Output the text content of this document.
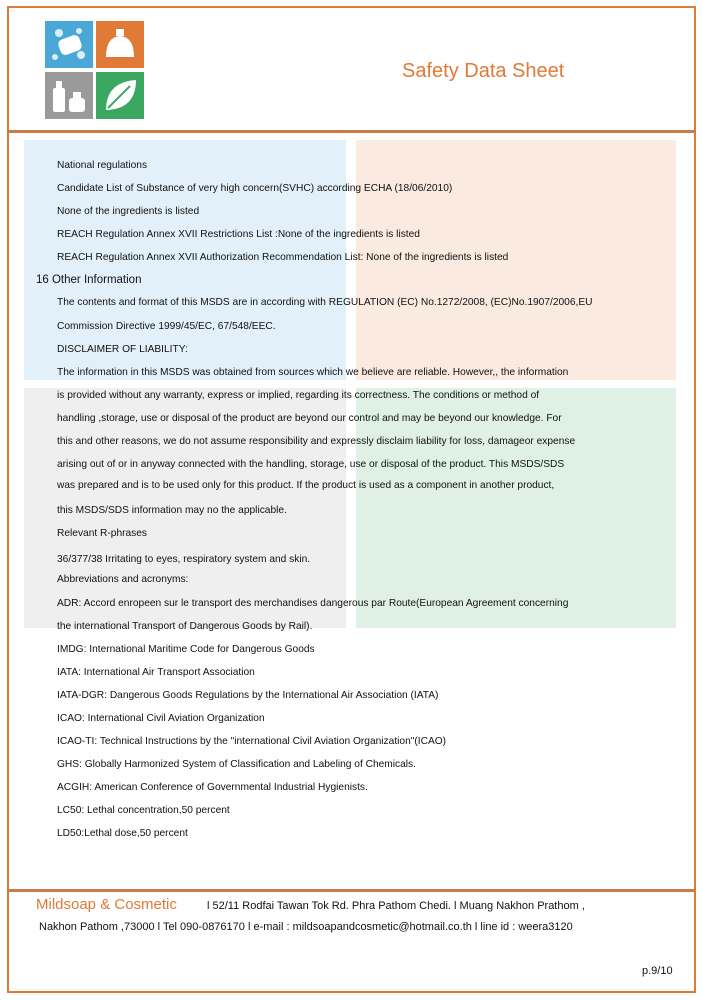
Safety Data Sheet
National regulations
Candidate List of Substance of very high concern(SVHC) according ECHA (18/06/2010)
None of the ingredients is listed
REACH Regulation Annex XVII Restrictions List :None of the ingredients is listed
REACH Regulation Annex XVII Authorization Recommendation List: None of the ingredients is listed
16 Other Information
The contents and format of this MSDS are in according with REGULATION (EC) No.1272/2008, (EC)No.1907/2006,EU
Commission Directive 1999/45/EC, 67/548/EEC.
DISCLAIMER OF LIABILITY:
The information in this MSDS was obtained from sources which we believe are reliable. However,, the information
is provided without any warranty, express or implied, regarding its correctness. The conditions or method of
handling ,storage, use or disposal of the product are beyond our control and may be beyond our knowledge. For
this and other reasons, we do not assume responsibility and expressly disclaim liability for loss, damageor expense
arising out of or in anyway connected with the handling, storage, use or disposal of the product. This MSDS/SDS
was prepared and is to be used only for this product. If the product is used as a component in another product,
this MSDS/SDS information may no the applicable.
Relevant R-phrases
36/377/38 Irritating to eyes, respiratory system and skin.
Abbreviations and acronyms:
ADR: Accord enropeen sur le transport des merchandises dangerous par Route(European Agreement concerning
the international Transport of Dangerous Goods by Rail).
IMDG: International Maritime Code for Dangerous Goods
IATA: International Air Transport Association
IATA-DGR: Dangerous Goods Regulations by the International Air Association (IATA)
ICAO: International Civil Aviation Organization
ICAO-TI: Technical Instructions by the "international Civil Aviation Organization"(ICAO)
GHS: Globally Harmonized System of Classification and Labeling of Chemicals.
ACGIH: American Conference of Governmental Industrial Hygienists.
LC50: Lethal concentration,50 percent
LD50:Lethal dose,50 percent
Mildsoap & Cosmetic	l 52/11 Rodfai Tawan Tok Rd. Phra Pathom Chedi. l Muang Nakhon Prathom ,
Nakhon Pathom ,73000 l Tel 090-0876170 l e-mail : mildsoapandcosmetic@hotmail.co.th l line id : weera3120
p.9/10
